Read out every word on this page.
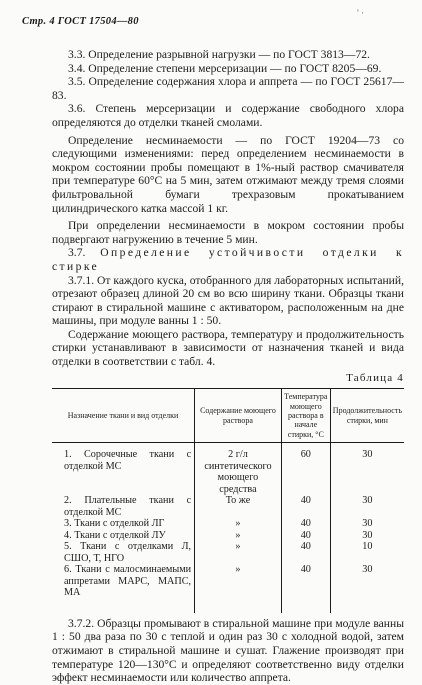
Стр. 4 ГОСТ 17504—80
' ·

3.3. Определение разрывной нагрузки — по ГОСТ 3813—72.

3.4. Определение степени мерсеризации — по ГОСТ 8205—69.

3.5. Определение содержания хлора и аппрета — по ГОСТ 25617—83.

3.6. Степень мерсеризации и содержание свободного хлора определяются до отделки тканей смолами.

Определение несминаемости — по ГОСТ 19204—73 со следующими изменениями: перед определением несминаемости в мокром состоянии пробы помещают в 1%-ный раствор смачивателя при температуре 60°С на 5 мин, затем отжимают между тремя слоями фильтровальной бумаги трехразовым прокатыванием цилиндрического катка массой 1 кг.

При определении несминаемости в мокром состоянии пробы подвергают нагружению в течение 5 мин.

3.7. Определение устойчивости отделки к стирке

3.7.1. От каждого куска, отобранного для лабораторных испытаний, отрезают образец длиной 20 см во всю ширину ткани. Образцы ткани стирают в стиральной машине с активатором, расположенным на дне машины, при модуле ванны 1 : 50.

Содержание моющего раствора, температуру и продолжительность стирки устанавливают в зависимости от назначения тканей и вида отделки в соответствии с табл. 4.

Таблица 4

Назначение ткани и вид отделки	Содержание моющего раствора	Температура моющего раствора в начале стирки, °С	Продолжительность стирки, мин
1. Сорочечные ткани с отделкой МС	2 г/л синтетического моющего средства	60	30
2. Плательные ткани с отделкой МС	То же	40	30
3. Ткани с отделкой ЛГ	»	40	30
4. Ткани с отделкой ЛУ	»	40	30
5. Ткани с отделками Л, СШО, Т, НГО	»	40	10
6. Ткани с малосминаемыми аппретами МАРС, МАПС, МА	»	40	30

3.7.2. Образцы промывают в стиральной машине при модуле ванны 1 : 50 два раза по 30 с теплой и один раз 30 с холодной водой, затем отжимают в стиральной машине и сушат. Глажение производят при температуре 120—130°С и определяют соответственно виду отделки эффект несминаемости или количество аппрета.
